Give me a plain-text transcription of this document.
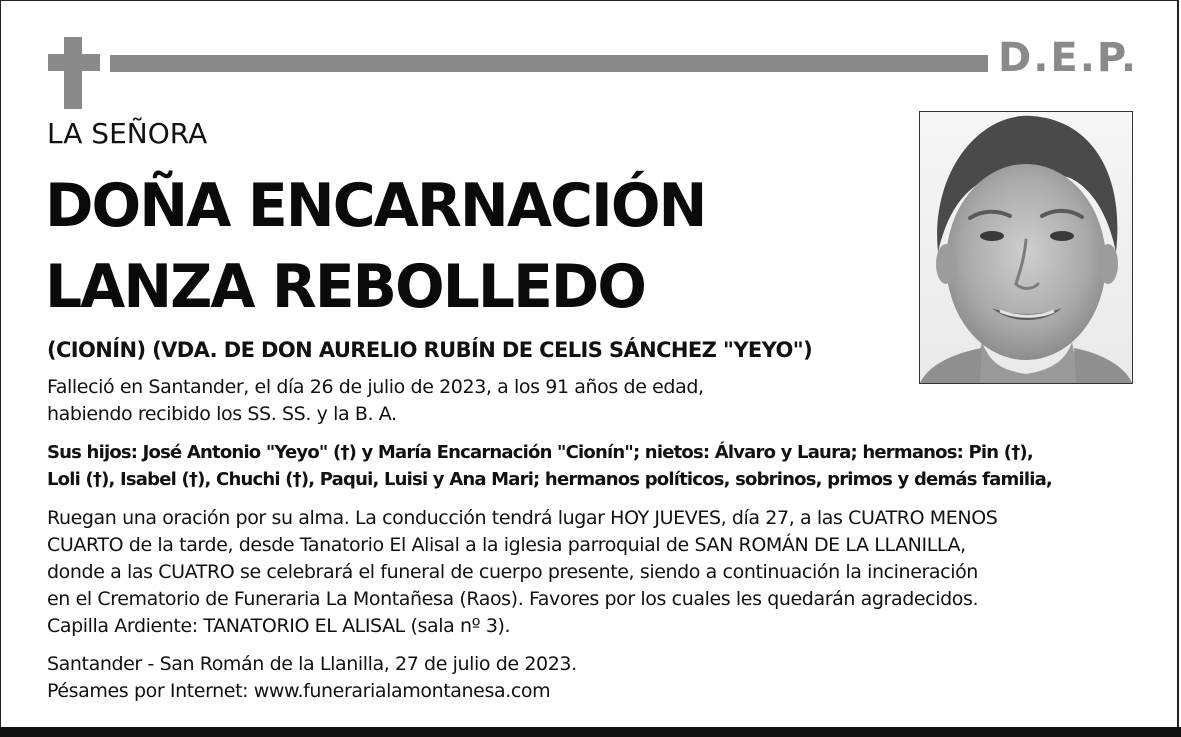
D.E.P.
LA SEÑORA
DOÑA ENCARNACIÓN
LANZA REBOLLEDO
(CIONÍN) (VDA. DE DON AURELIO RUBÍN DE CELIS SÁNCHEZ "YEYO")
Falleció en Santander, el día 26 de julio de 2023, a los 91 años de edad,
habiendo recibido los SS. SS. y la B. A.
Sus hijos: José Antonio "Yeyo" (†) y María Encarnación "Cionín"; nietos: Álvaro y Laura; hermanos: Pin (†),
Loli (†), Isabel (†), Chuchi (†), Paqui, Luisi y Ana Mari; hermanos políticos, sobrinos, primos y demás familia,
Ruegan una oración por su alma. La conducción tendrá lugar HOY JUEVES, día 27, a las CUATRO MENOS
CUARTO de la tarde, desde Tanatorio El Alisal a la iglesia parroquial de SAN ROMÁN DE LA LLANILLA,
donde a las CUATRO se celebrará el funeral de cuerpo presente, siendo a continuación la incineración
en el Crematorio de Funeraria La Montañesa (Raos). Favores por los cuales les quedarán agradecidos.
Capilla Ardiente: TANATORIO EL ALISAL (sala nº 3).
Santander - San Román de la Llanilla, 27 de julio de 2023.
Pésames por Internet: www.funerarialamontanesa.com
